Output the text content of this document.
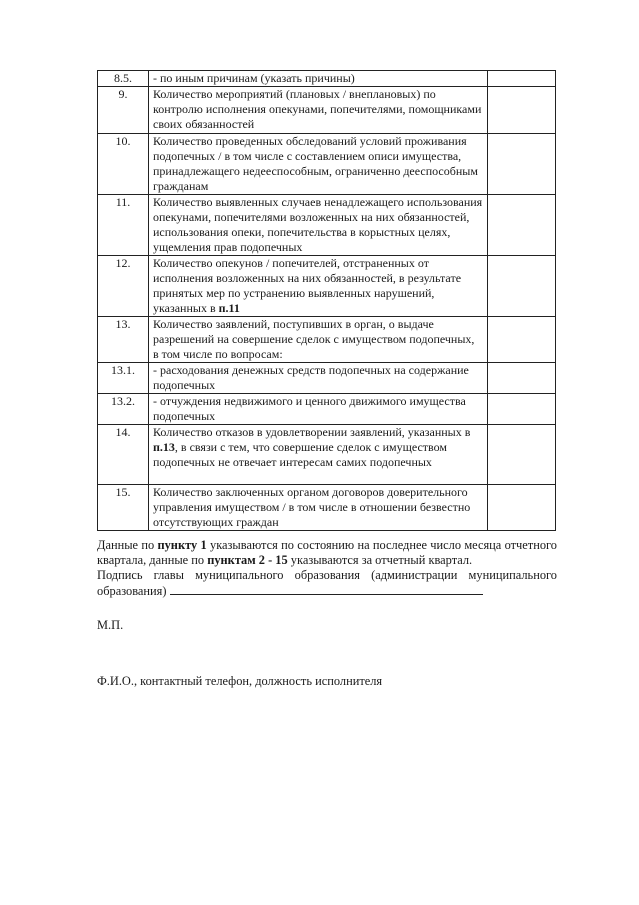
8.5.	- по иным причинам (указать причины)	
9.	Количество мероприятий (плановых / внеплановых) по контролю исполнения опекунами, попечителями, помощниками своих обязанностей	
10.	Количество проведенных обследований условий проживания подопечных / в том числе с составлением описи имущества, принадлежащего недееспособным, ограниченно дееспособным гражданам	
11.	Количество выявленных случаев ненадлежащего использования опекунами, попечителями возложенных на них обязанностей, использования опеки, попечительства в корыстных целях, ущемления прав подопечных	
12.	Количество опекунов / попечителей, отстраненных от исполнения возложенных на них обязанностей, в результате принятых мер по устранению выявленных нарушений, указанных в п.11	
13.	Количество заявлений, поступивших в орган, о выдаче разрешений на совершение сделок с имуществом подопечных, в том числе по вопросам:	
13.1.	- расходования денежных средств подопечных на содержание подопечных	
13.2.	- отчуждения недвижимого и ценного движимого имущества подопечных	
14.	Количество отказов в удовлетворении заявлений, указанных в п.13, в связи с тем, что совершение сделок с имуществом подопечных не отвечает интересам самих подопечных	
15.	Количество заключенных органом договоров доверительного управления имуществом / в том числе в отношении безвестно отсутствующих граждан	
Данные по пункту 1 указываются по состоянию на последнее число месяца отчетного
квартала, данные по пунктам 2 - 15 указываются за отчетный квартал.
Подпись главы муниципального образования (администрации муниципального
образования)
М.П.
Ф.И.О., контактный телефон, должность исполнителя
